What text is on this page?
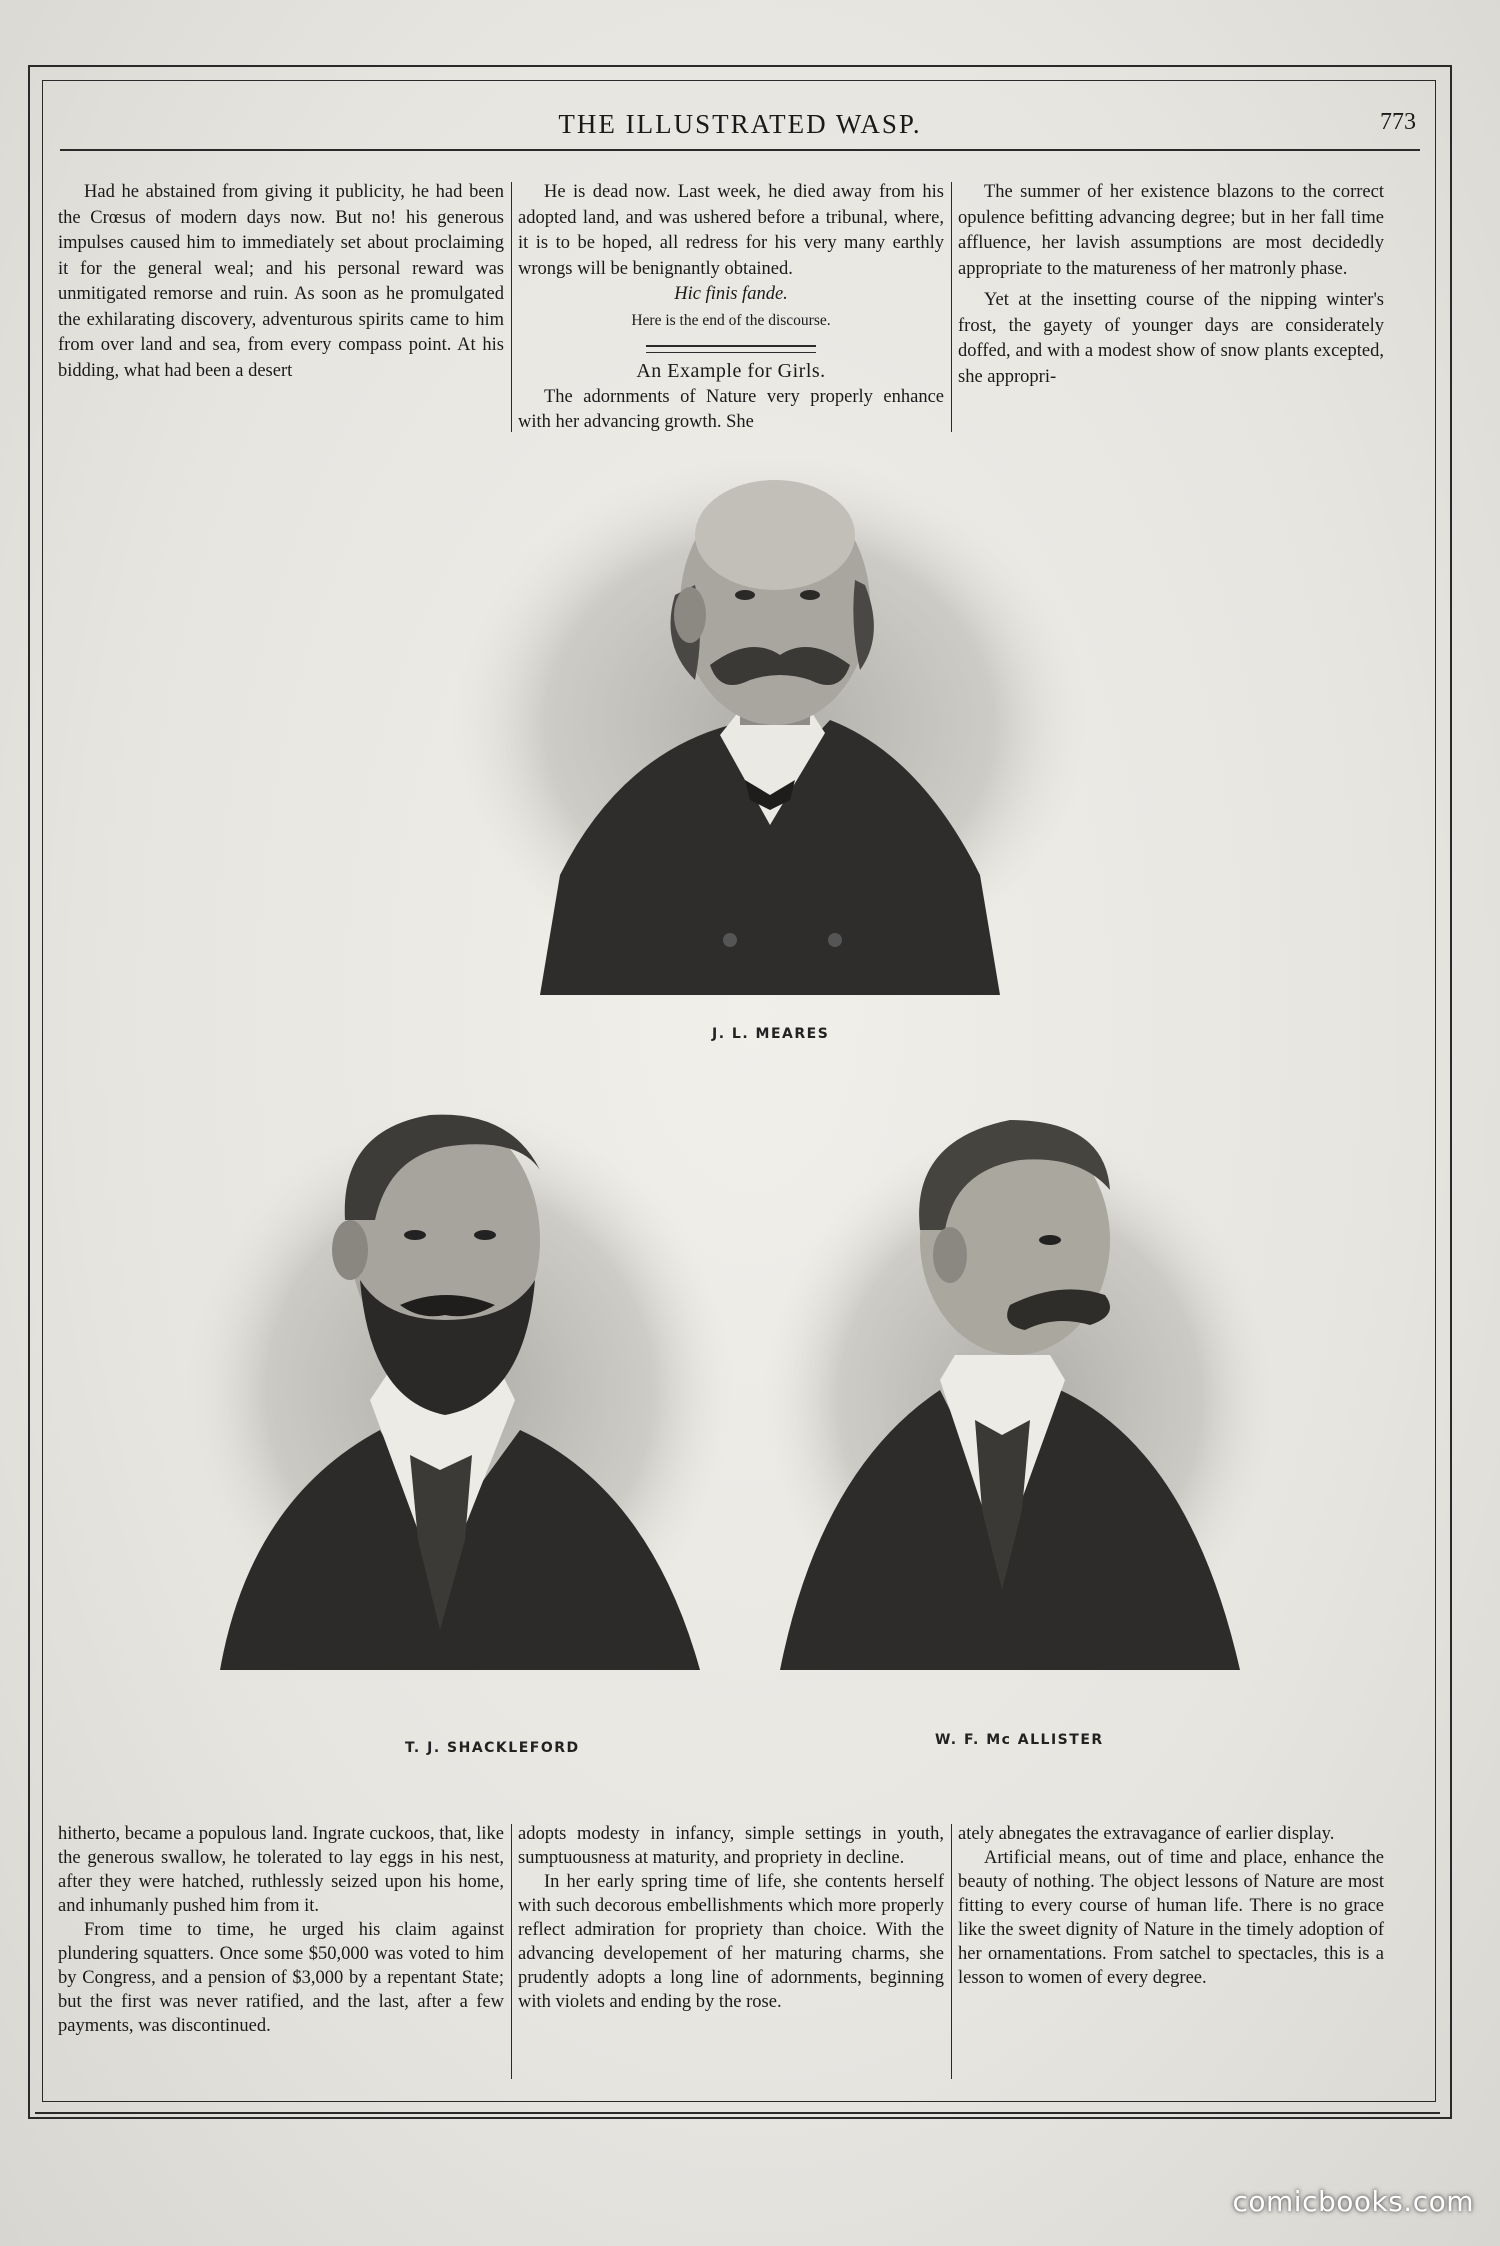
THE ILLUSTRATED WASP.	773

Had he abstained from giving it publicity, he had been the Crœsus of modern days now. But no! his generous impulses caused him to immediately set about proclaiming it for the general weal; and his personal reward was unmitigated remorse and ruin. As soon as he promulgated the exhilarating discovery, adventurous spirits came to him from over land and sea, from every compass point. At his bidding, what had been a desert

He is dead now. Last week, he died away from his adopted land, and was ushered before a tribunal, where, it is to be hoped, all redress for his very many earthly wrongs will be benignantly obtained.

Hic finis fande.

Here is the end of the discourse.

An Example for Girls.

The adornments of Nature very properly enhance with her advancing growth. She

The summer of her existence blazons to the correct opulence befitting advancing degree; but in her fall time affluence, her lavish assumptions are most decidedly appropriate to the matureness of her matronly phase.

Yet at the insetting course of the nipping winter's frost, the gayety of younger days are considerately doffed, and with a modest show of snow plants excepted, she appropri-

J. L. MEARES
T. J. SHACKLEFORD	W. F. Mc ALLISTER

hitherto, became a populous land. Ingrate cuckoos, that, like the generous swallow, he tolerated to lay eggs in his nest, after they were hatched, ruthlessly seized upon his home, and inhumanly pushed him from it.

From time to time, he urged his claim against plundering squatters. Once some $50,000 was voted to him by Congress, and a pension of $3,000 by a repentant State; but the first was never ratified, and the last, after a few payments, was discontinued.

adopts modesty in infancy, simple settings in youth, sumptuousness at maturity, and propriety in decline.

In her early spring time of life, she contents herself with such decorous embellishments which more properly reflect admiration for propriety than choice. With the advancing developement of her maturing charms, she prudently adopts a long line of adornments, beginning with violets and ending by the rose.

ately abnegates the extravagance of earlier display.

Artificial means, out of time and place, enhance the beauty of nothing. The object lessons of Nature are most fitting to every course of human life. There is no grace like the sweet dignity of Nature in the timely adoption of her ornamentations. From satchel to spectacles, this is a lesson to women of every degree.

comicbooks.com
